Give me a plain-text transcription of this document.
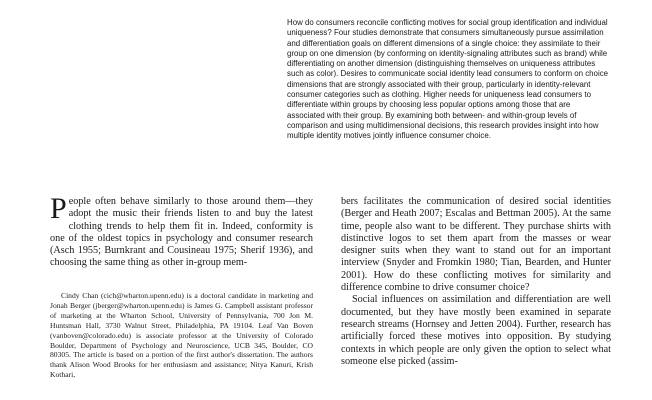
How do consumers reconcile conflicting motives for social group identification and individual uniqueness? Four studies demonstrate that consumers simultaneously pursue assimilation and differentiation goals on different dimensions of a single choice: they assimilate to their group on one dimension (by conforming on identity-signaling attributes such as brand) while differentiating on another dimension (distinguishing themselves on uniqueness attributes such as color). Desires to communicate social identity lead consumers to conform on choice dimensions that are strongly associated with their group, particularly in identity-relevant consumer categories such as clothing. Higher needs for uniqueness lead consumers to differentiate within groups by choosing less popular options among those that are associated with their group. By examining both between- and within-group levels of comparison and using multidimensional decisions, this research provides insight into how multiple identity motives jointly influence consumer choice.

People often behave similarly to those around them—they adopt the music their friends listen to and buy the latest clothing trends to help them fit in. Indeed, conformity is one of the oldest topics in psychology and consumer research (Asch 1955; Burnkrant and Cousineau 1975; Sherif 1936), and choosing the same thing as other in-group mem-

Cindy Chan (cich@wharton.upenn.edu) is a doctoral candidate in marketing and Jonah Berger (jberger@wharton.upenn.edu) is James G. Campbell assistant professor of marketing at the Wharton School, University of Pennsylvania, 700 Jon M. Huntsman Hall, 3730 Walnut Street, Philadelphia, PA 19104. Leaf Van Boven (vanboven@colorado.edu) is associate professor at the University of Colorado Boulder, Department of Psychology and Neuroscience, UCB 345, Boulder, CO 80305. The article is based on a portion of the first author's dissertation. The authors thank Alison Wood Brooks for her enthusiasm and assistance; Nitya Kanuri, Krish Kothari,

bers facilitates the communication of desired social identities (Berger and Heath 2007; Escalas and Bettman 2005). At the same time, people also want to be different. They purchase shirts with distinctive logos to set them apart from the masses or wear designer suits when they want to stand out for an important interview (Snyder and Fromkin 1980; Tian, Bearden, and Hunter 2001). How do these conflicting motives for similarity and difference combine to drive consumer choice?

Social influences on assimilation and differentiation are well documented, but they have mostly been examined in separate research streams (Hornsey and Jetten 2004). Further, research has artificially forced these motives into opposition. By studying contexts in which people are only given the option to select what someone else picked (assim-
